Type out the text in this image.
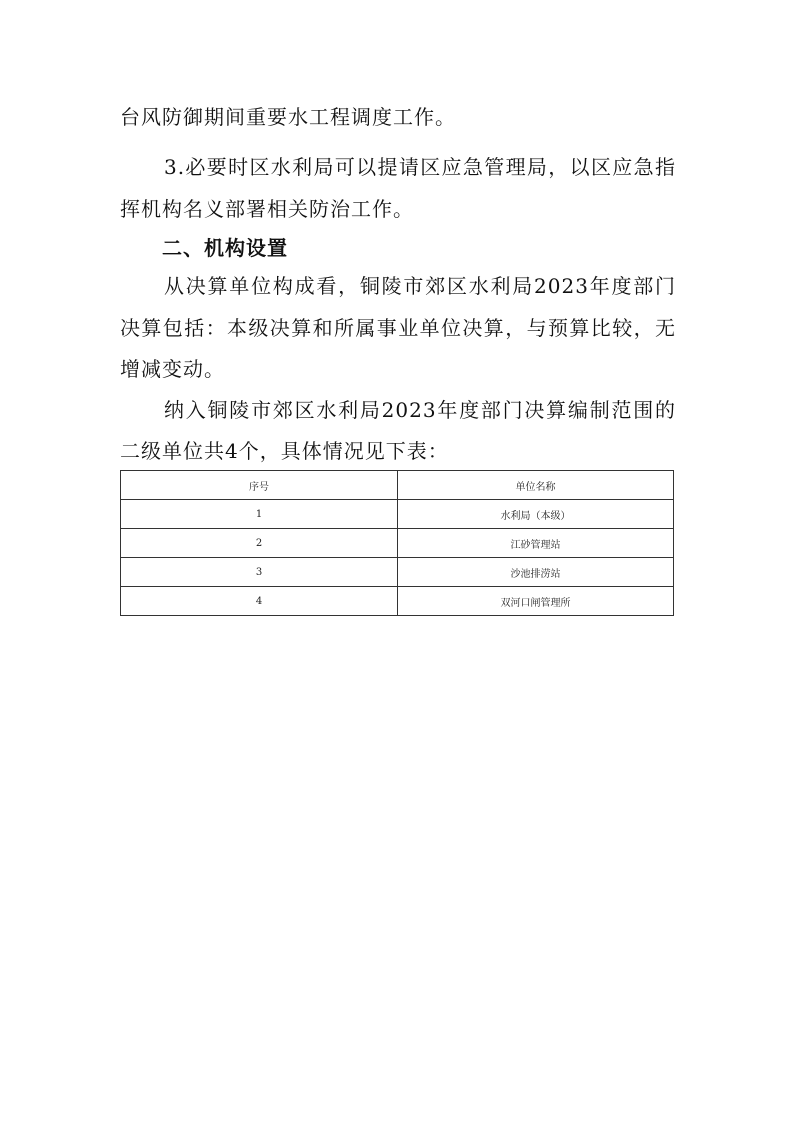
台风防御期间重要水工程调度工作。
3.必要时区水利局可以提请区应急管理局，以区应急指
挥机构名义部署相关防治工作。
二、机构设置
从决算单位构成看，铜陵市郊区水利局2023年度部门
决算包括：本级决算和所属事业单位决算，与预算比较，无
增减变动。
纳入铜陵市郊区水利局2023年度部门决算编制范围的
二级单位共4个，具体情况见下表：
序号	单位名称
1	水利局（本级）
2	江砂管理站
3	沙池排涝站
4	双河口闸管理所
